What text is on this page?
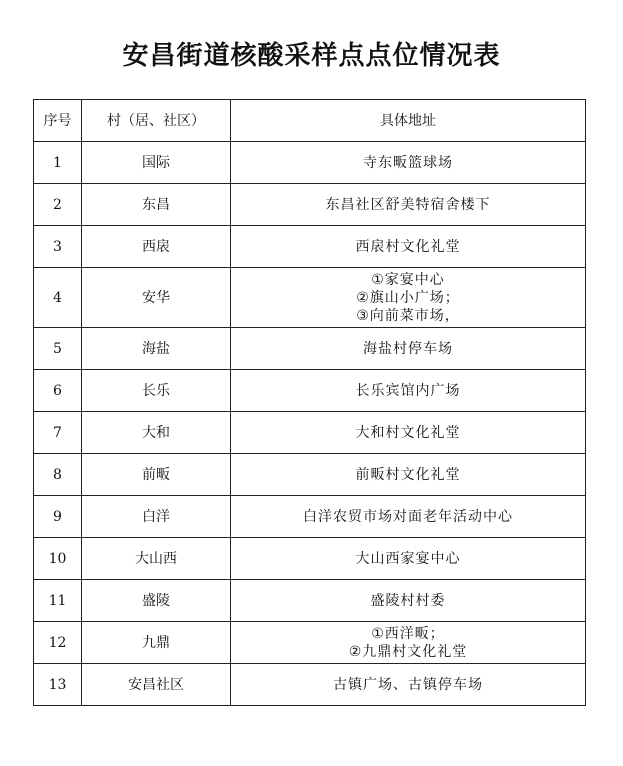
安昌街道核酸采样点点位情况表
序号	村（居、社区）	具体地址
1	国际	寺东畈篮球场

2	东昌	东昌社区舒美特宿舍楼下

3	西扆	西扆村文化礼堂

4	安华	①家宴中心
②旗山小广场；
③向前菜市场，

5	海盐	海盐村停车场

6	长乐	长乐宾馆内广场

7	大和	大和村文化礼堂

8	前畈	前畈村文化礼堂

9	白洋	白洋农贸市场对面老年活动中心

10	大山西	大山西家宴中心

11	盛陵	盛陵村村委

12	九鼎	①西洋畈；
②九鼎村文化礼堂

13	安昌社区	古镇广场、古镇停车场
